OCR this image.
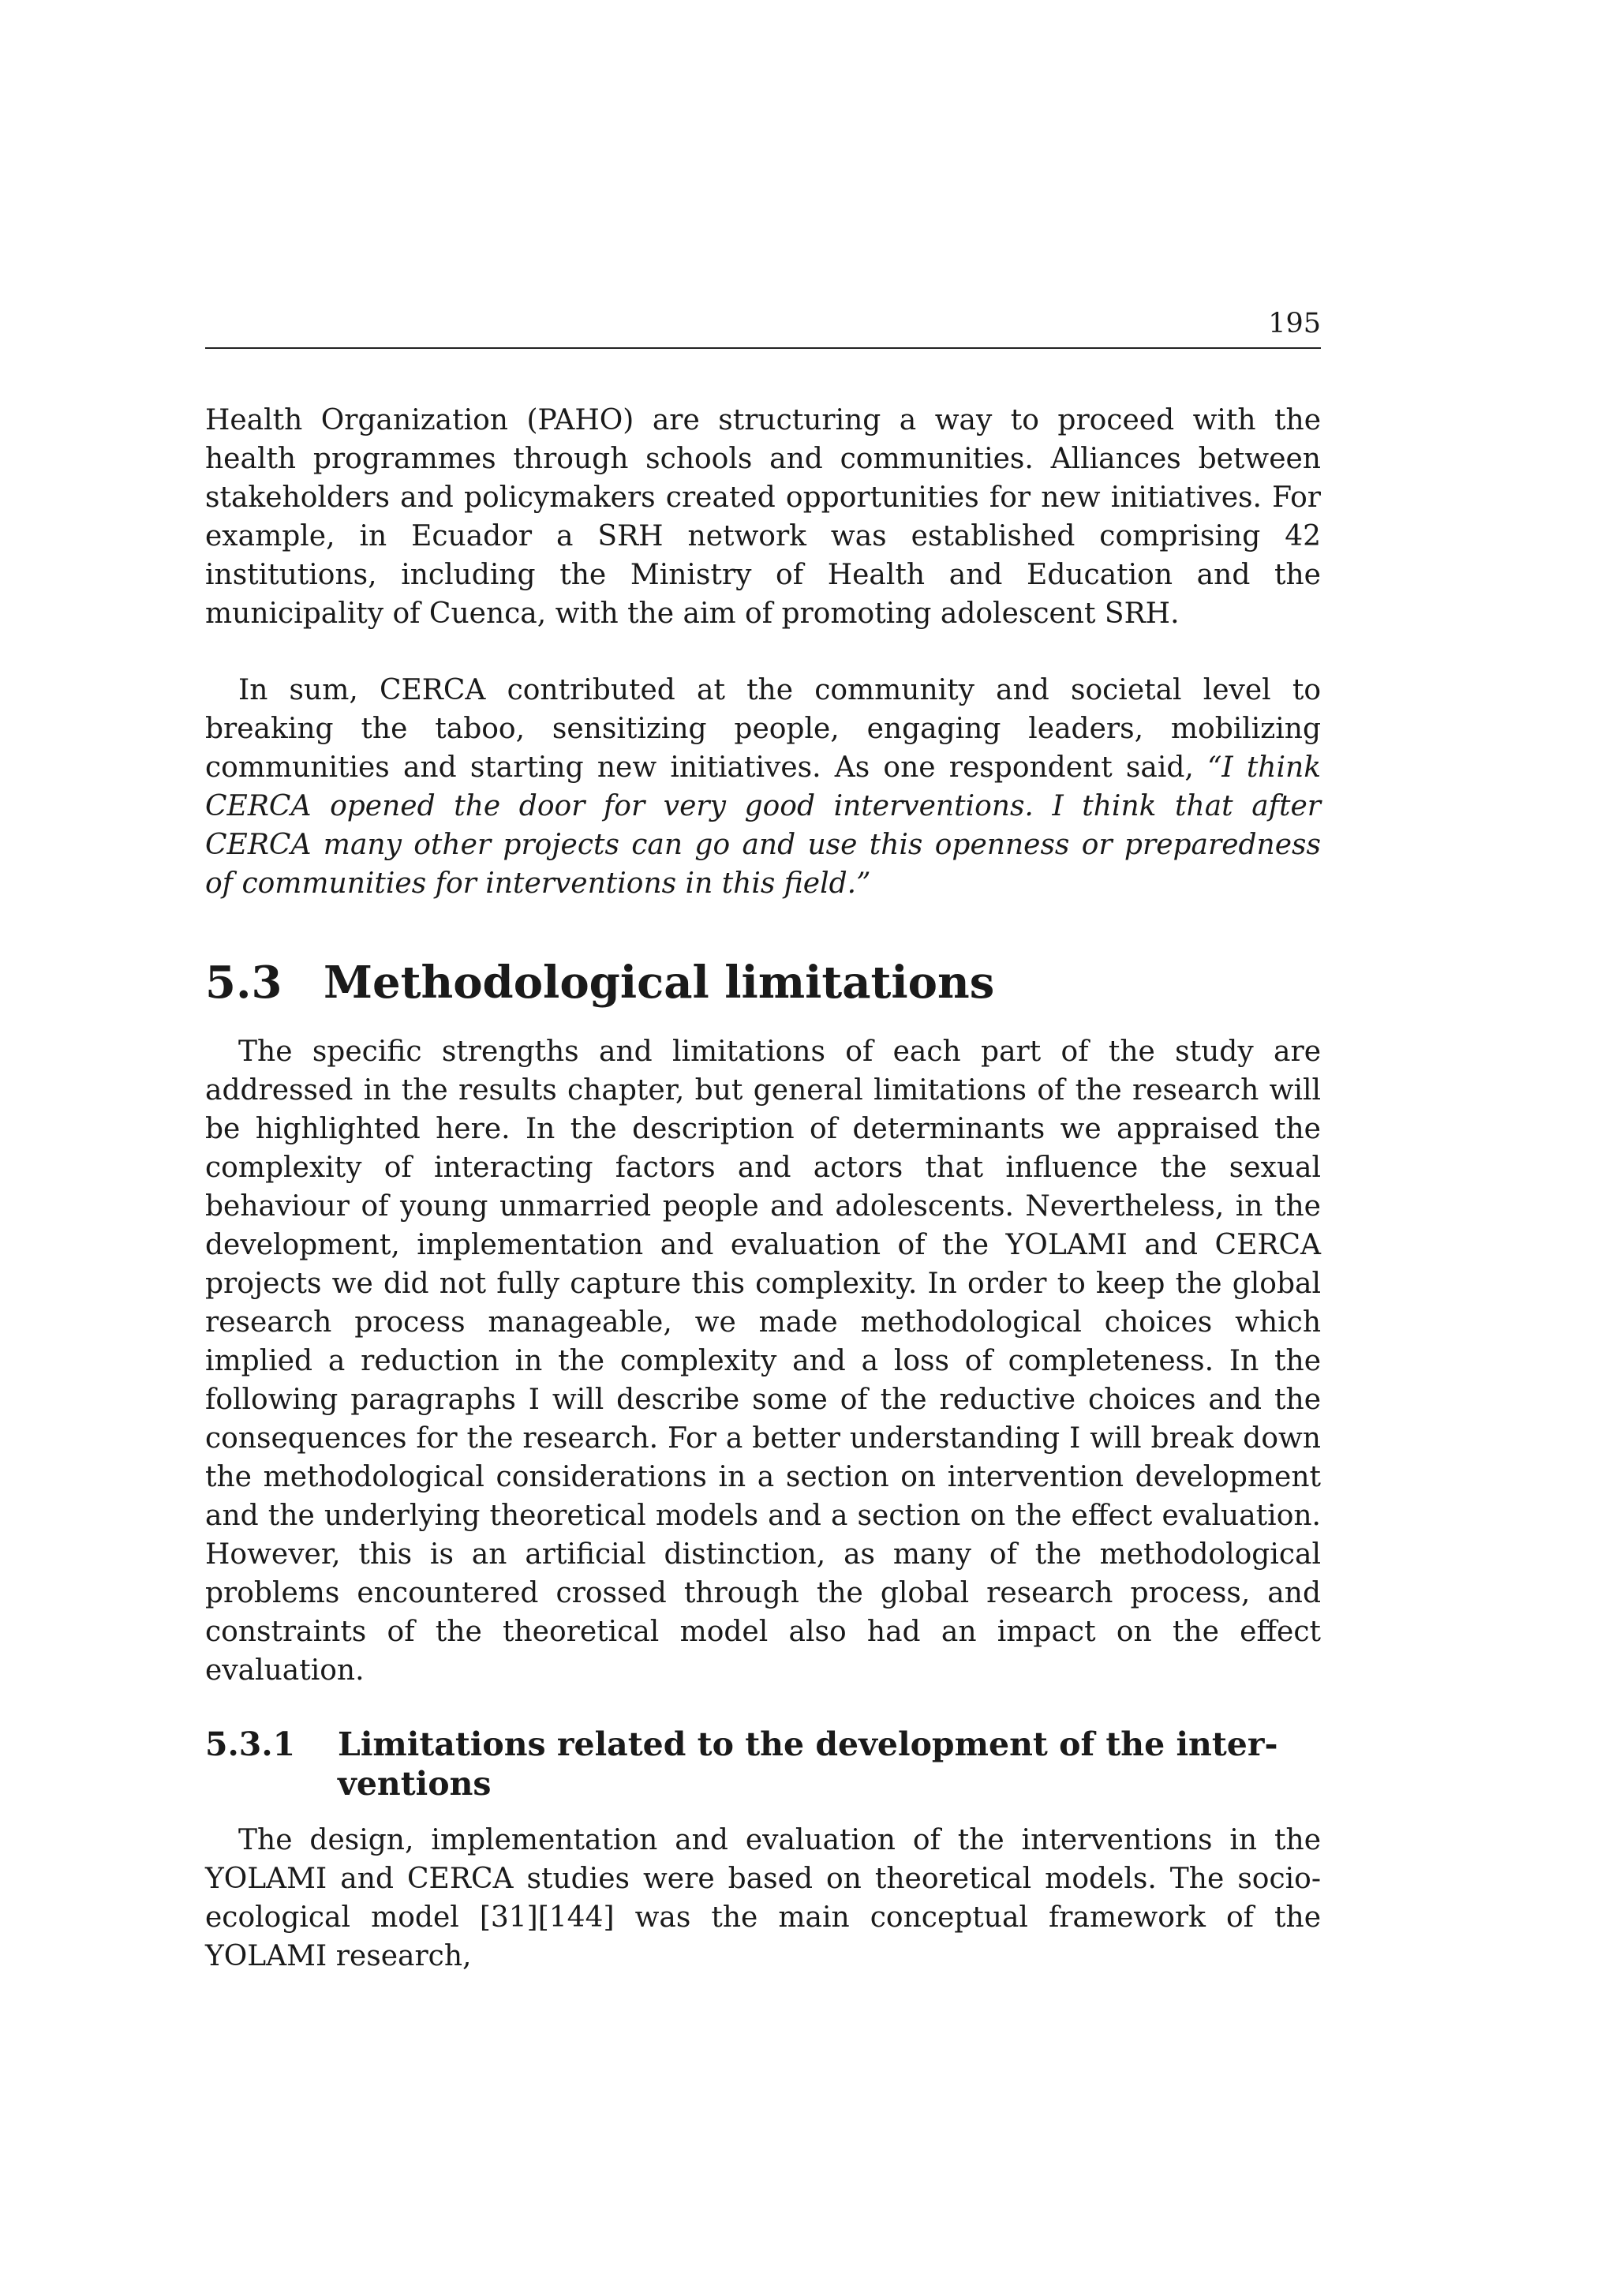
195

Health Organization (PAHO) are structuring a way to proceed with the health programmes through schools and communities. Alliances between stakeholders and policymakers created opportunities for new initiatives. For example, in Ecuador a SRH network was established comprising 42 institutions, including the Ministry of Health and Education and the municipality of Cuenca, with the aim of promoting adolescent SRH.

In sum, CERCA contributed at the community and societal level to breaking the taboo, sensitizing people, engaging leaders, mobilizing communities and starting new initiatives. As one respondent said, “I think CERCA opened the door for very good interventions. I think that after CERCA many other projects can go and use this openness or preparedness of communities for interventions in this field.”

5.3 Methodological limitations

The specific strengths and limitations of each part of the study are addressed in the results chapter, but general limitations of the research will be highlighted here. In the description of determinants we appraised the complexity of interacting factors and actors that influence the sexual behaviour of young unmarried people and adolescents. Nevertheless, in the development, implementation and evaluation of the YOLAMI and CERCA projects we did not fully capture this complexity. In order to keep the global research process manageable, we made methodological choices which implied a reduction in the complexity and a loss of completeness. In the following paragraphs I will describe some of the reductive choices and the consequences for the research. For a better understanding I will break down the methodological considerations in a section on intervention development and the underlying theoretical models and a section on the effect evaluation. However, this is an artificial distinction, as many of the methodological problems encountered crossed through the global research process, and constraints of the theoretical model also had an impact on the effect evaluation.

5.3.1	Limitations related to the development of the interventions

The design, implementation and evaluation of the interventions in the YOLAMI and CERCA studies were based on theoretical models. The socio-ecological model [31][144] was the main conceptual framework of the YOLAMI research,
